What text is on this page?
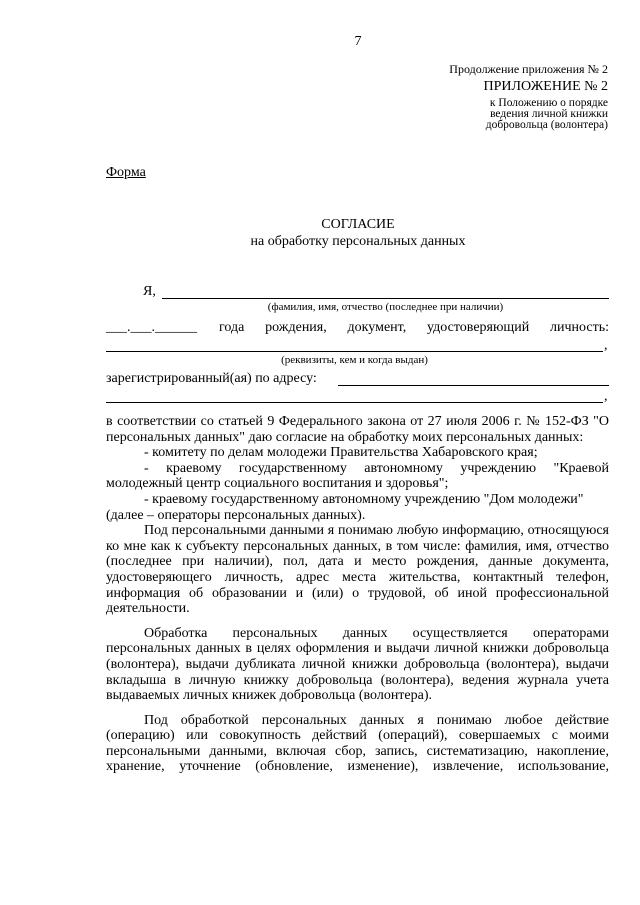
7
Продолжение приложения № 2
ПРИЛОЖЕНИЕ № 2
к Положению о порядке
ведения личной книжки
добровольца (волонтера)
Форма
СОГЛАСИЕ
на обработку персональных данных
Я,
(фамилия, имя, отчество (последнее при наличии)
___.___.______ года рождения, документ, удостоверяющий личность:
,
(реквизиты, кем и когда выдан)
зарегистрированный(ая) по адресу:
,

в соответствии со статьей 9 Федерального закона от 27 июля 2006 г. № 152-ФЗ "О персональных данных" даю согласие на обработку моих персональных данных:

- комитету по делам молодежи Правительства Хабаровского края;

- краевому государственному автономному учреждению "Краевой молодежный центр социального воспитания и здоровья";

- краевому государственному автономному учреждению "Дом молодежи"

(далее – операторы персональных данных).

Под персональными данными я понимаю любую информацию, относящуюся ко мне как к субъекту персональных данных, в том числе: фамилия, имя, отчество (последнее при наличии), пол, дата и место рождения, данные документа, удостоверяющего личность, адрес места жительства, контактный телефон, информация об образовании и (или) о трудовой, об иной профессиональной деятельности.

Обработка персональных данных осуществляется операторами персональных данных в целях оформления и выдачи личной книжки добровольца (волонтера), выдачи дубликата личной книжки добровольца (волонтера), выдачи вкладыша в личную книжку добровольца (волонтера), ведения журнала учета выдаваемых личных книжек добровольца (волонтера).

Под обработкой персональных данных я понимаю любое действие (операцию) или совокупность действий (операций), совершаемых с моими персональными данными, включая сбор, запись, систематизацию, накопление, хранение, уточнение (обновление, изменение), извлечение, использование,
